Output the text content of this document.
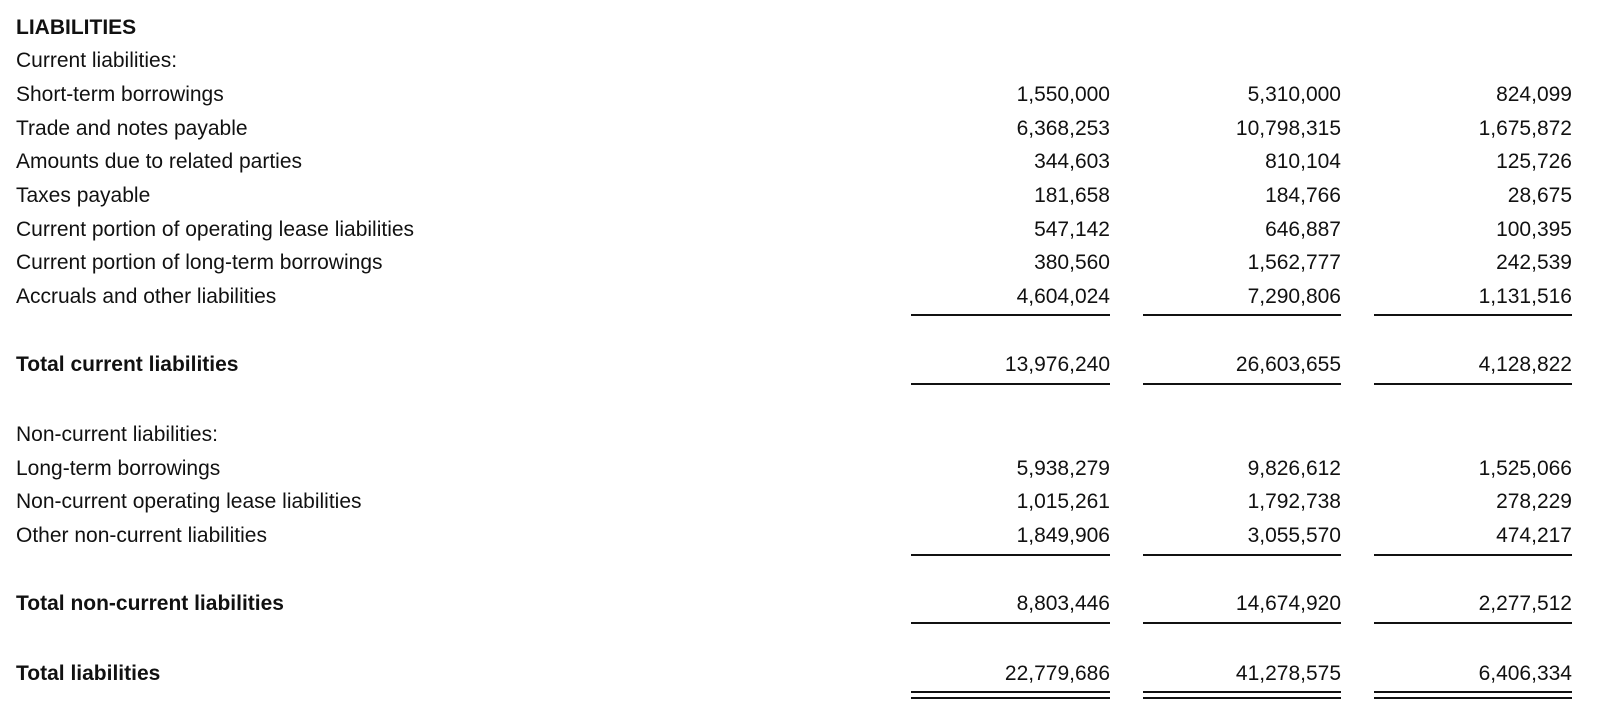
LIABILITIES
Current liabilities:
Short-term borrowings	1,550,000	5,310,000	824,099
Trade and notes payable	6,368,253	10,798,315	1,675,872
Amounts due to related parties	344,603	810,104	125,726
Taxes payable	181,658	184,766	28,675
Current portion of operating lease liabilities	547,142	646,887	100,395
Current portion of long-term borrowings	380,560	1,562,777	242,539
Accruals and other liabilities	4,604,024	7,290,806	1,131,516
Total current liabilities	13,976,240	26,603,655	4,128,822
Non-current liabilities:
Long-term borrowings	5,938,279	9,826,612	1,525,066
Non-current operating lease liabilities	1,015,261	1,792,738	278,229
Other non-current liabilities	1,849,906	3,055,570	474,217
Total non-current liabilities	8,803,446	14,674,920	2,277,512
Total liabilities	22,779,686	41,278,575	6,406,334
